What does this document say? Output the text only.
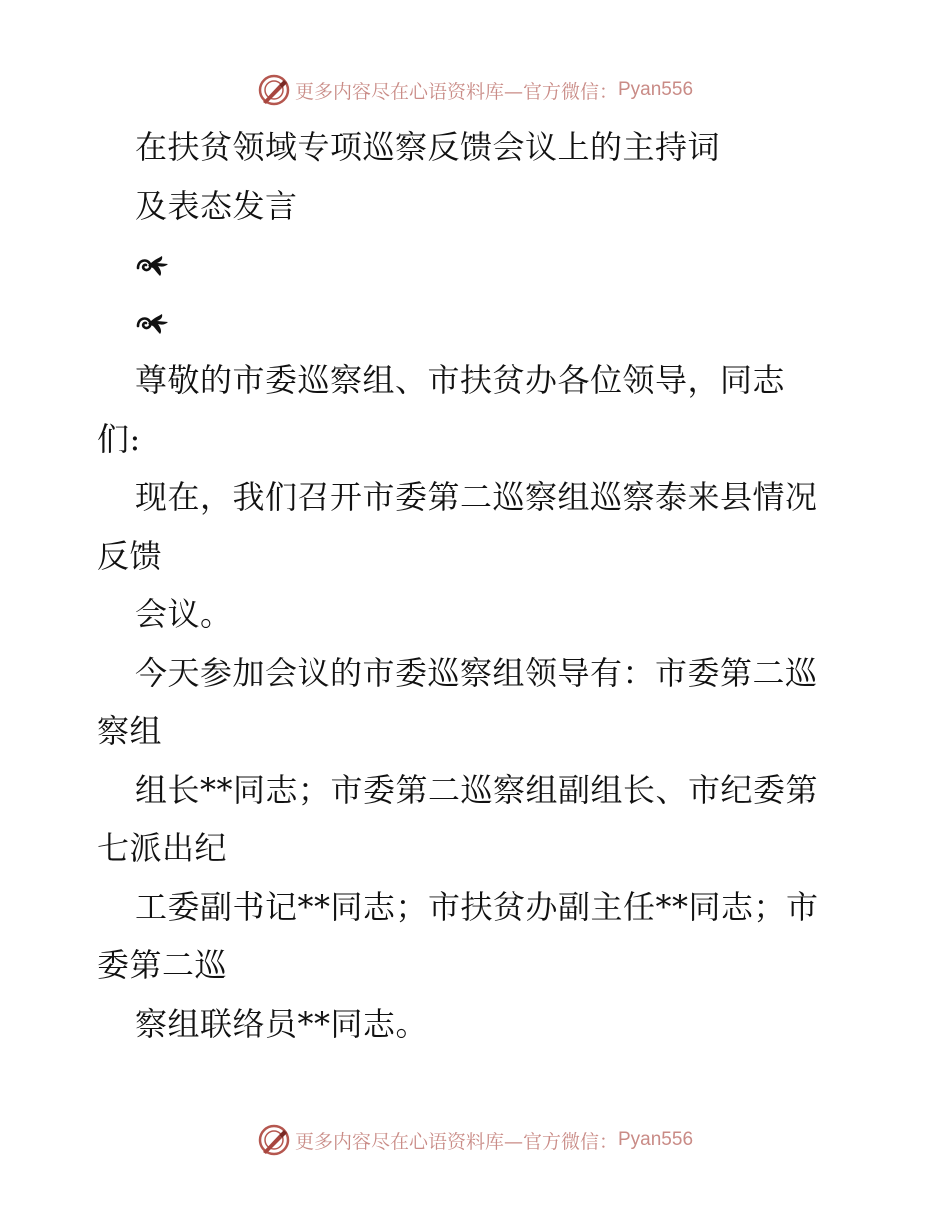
更多内容尽在心语资料库—官方微信： Pyan556
在扶贫领域专项巡察反馈会议上的主持词
及表态发言
尊敬的市委巡察组、市扶贫办各位领导，同志
们:
现在，我们召开市委第二巡察组巡察泰来县情况
反馈
会议。
今天参加会议的市委巡察组领导有：市委第二巡
察组
组长**同志；市委第二巡察组副组长、市纪委第
七派出纪
工委副书记**同志；市扶贫办副主任**同志；市
委第二巡
察组联络员**同志。
更多内容尽在心语资料库—官方微信： Pyan556
